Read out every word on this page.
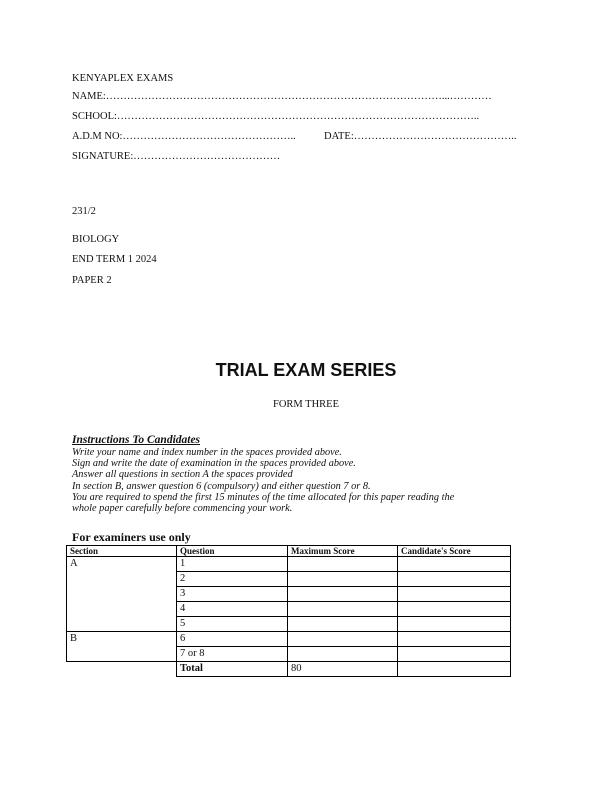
KENYAPLEX EXAMS
NAME:……………………………………………………………………………………...…………
SCHOOL:…………………………………………………………………………………………..
A.D.M NO:…………………………………………..	DATE:………………………………………..
SIGNATURE:……………………………………
231/2
BIOLOGY
END TERM 1 2024
PAPER 2
TRIAL EXAM SERIES
FORM THREE
Instructions To Candidates
Write your name and index number in the spaces provided above.
Sign and write the date of examination in the spaces provided above.
Answer all questions in section A the spaces provided
In section B, answer question 6 (compulsory) and either question 7 or 8.
You are required to spend the first 15 minutes of the time allocated for this paper reading the
whole paper carefully before commencing your work.
For examiners use only
Section	Question	Maximum Score	Candidate's Score
A	1		
	2		
	3		
	4		
	5		
B	6		
	7 or 8		
	Total	80	
